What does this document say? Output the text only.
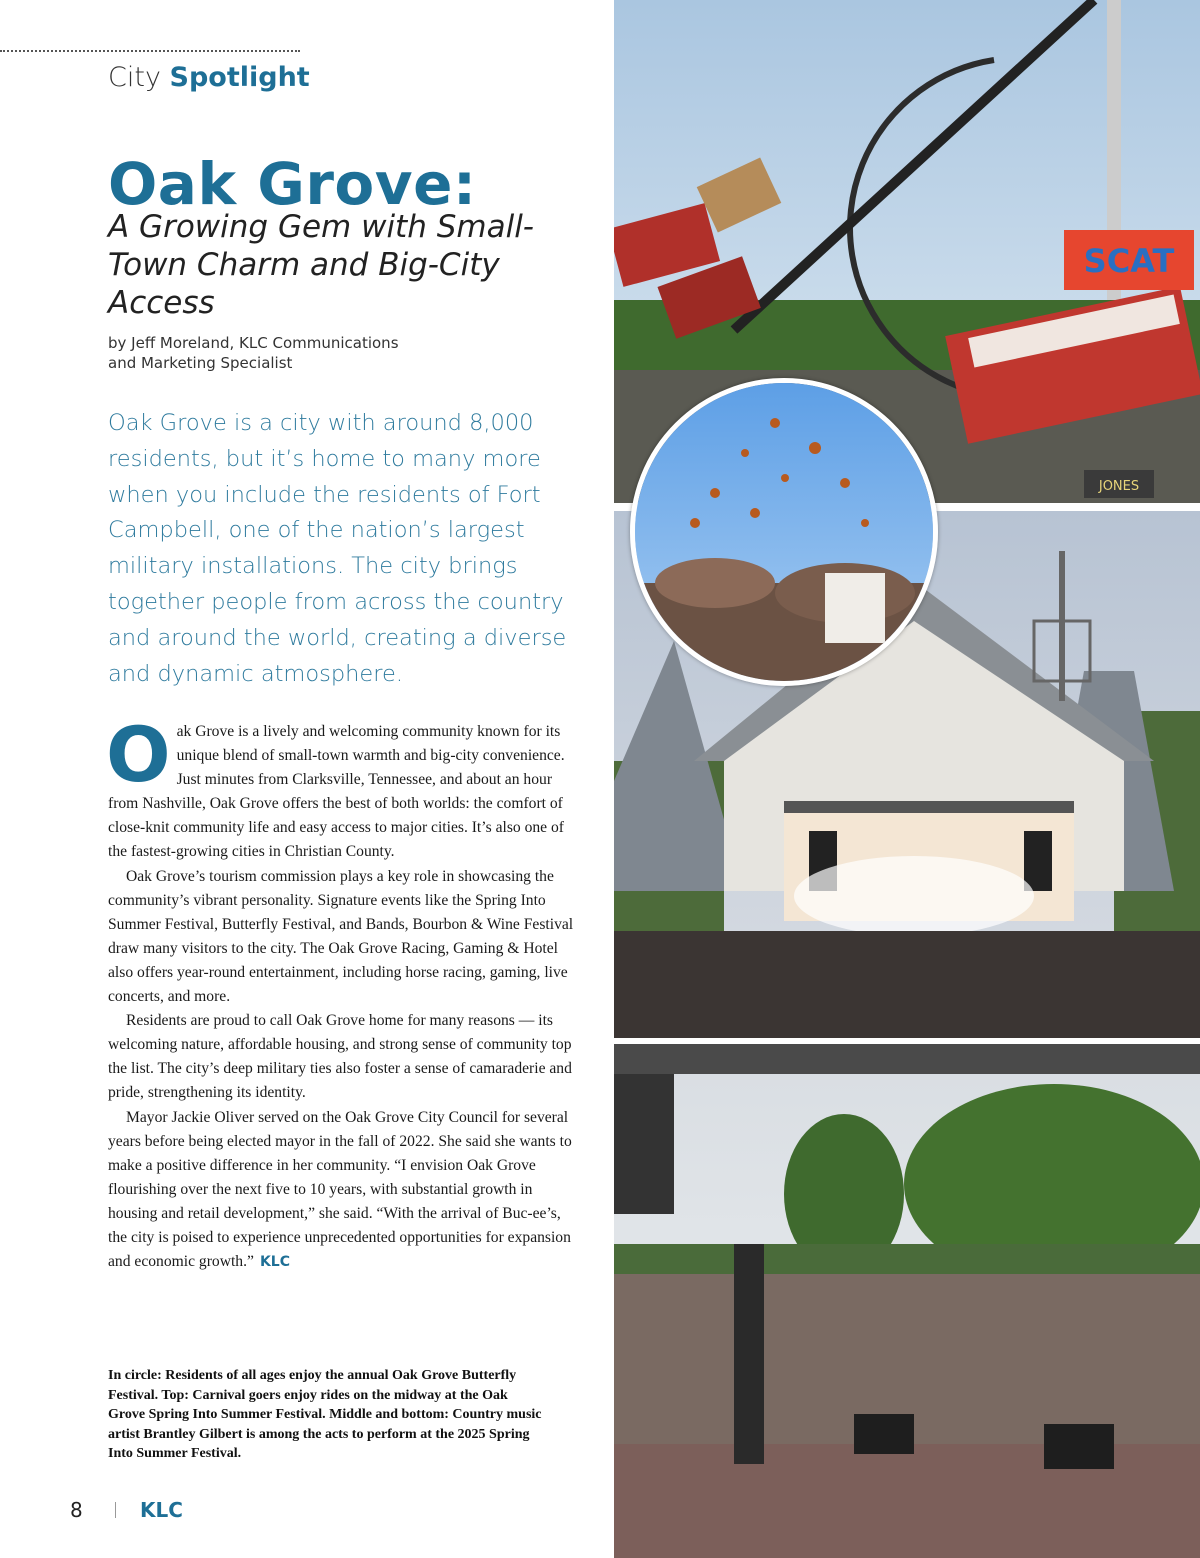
City Spotlight
Oak Grove:
A Growing Gem with Small-Town Charm and Big-City Access
by Jeff Moreland, KLC Communications
and Marketing Specialist
Oak Grove is a city with around 8,000 residents, but it’s home to many more when you include the residents of Fort Campbell, one of the nation’s largest military installations. The city brings together people from across the country and around the world, creating a diverse and dynamic atmosphere.

Oak Grove is a lively and welcoming community known for its unique blend of small-town warmth and big-city convenience. Just minutes from Clarksville, Tennessee, and about an hour from Nashville, Oak Grove offers the best of both worlds: the comfort of close-knit community life and easy access to major cities. It’s also one of the fastest-growing cities in Christian County.

Oak Grove’s tourism commission plays a key role in showcasing the community’s vibrant personality. Signature events like the Spring Into Summer Festival, Butterfly Festival, and Bands, Bourbon & Wine Festival draw many visitors to the city. The Oak Grove Racing, Gaming & Hotel also offers year-round entertainment, including horse racing, gaming, live concerts, and more.

Residents are proud to call Oak Grove home for many reasons — its welcoming nature, affordable housing, and strong sense of community top the list. The city’s deep military ties also foster a sense of camaraderie and pride, strengthening its identity.

Mayor Jackie Oliver served on the Oak Grove City Council for several years before being elected mayor in the fall of 2022. She said she wants to make a positive difference in her community. “I envision Oak Grove flourishing over the next five to 10 years, with substantial growth in housing and retail development,” she said. “With the arrival of Buc-ee’s, the city is poised to experience unprecedented opportunities for expansion and economic growth.” KLC

In circle: Residents of all ages enjoy the annual Oak Grove Butterfly Festival. Top: Carnival goers enjoy rides on the midway at the Oak Grove Spring Into Summer Festival. Middle and bottom: Country music artist Brantley Gilbert is among the acts to perform at the 2025 Spring Into Summer Festival.
8	KLC
SCAT
JONES
